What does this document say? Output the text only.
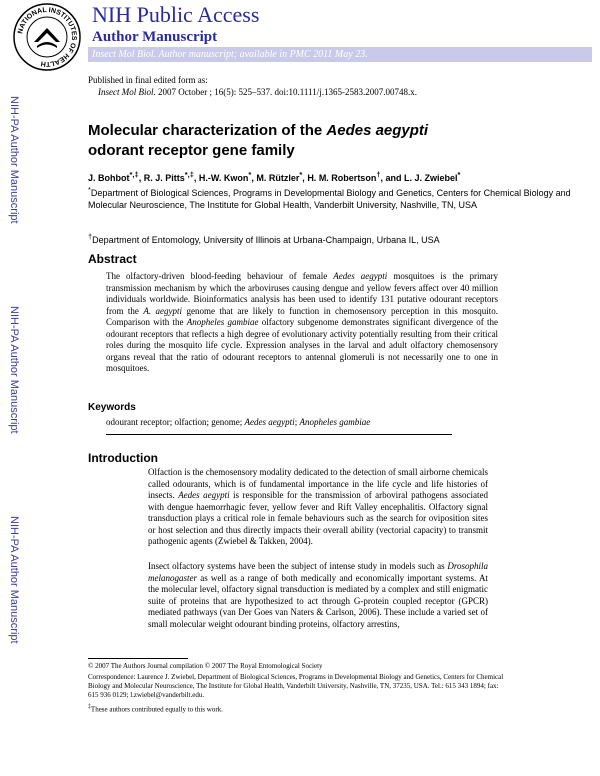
NATIONAL INSTITUTES OF HEALTH
NIH Public Access
Author Manuscript
Insect Mol Biol. Author manuscript; available in PMC 2011 May 23.
Published in final edited form as:
Insect Mol Biol. 2007 October ; 16(5): 525–537. doi:10.1111/j.1365-2583.2007.00748.x.
NIH-PA Author Manuscript
NIH-PA Author Manuscript
NIH-PA Author Manuscript
Molecular characterization of the Aedes aegypti odorant receptor gene family
J. Bohbot*,‡, R. J. Pitts*,‡, H.-W. Kwon*, M. Rützler*, H. M. Robertson†, and L. J. Zwiebel*
*Department of Biological Sciences, Programs in Developmental Biology and Genetics, Centers for Chemical Biology and Molecular Neuroscience, The Institute for Global Health, Vanderbilt University, Nashville, TN, USA
†Department of Entomology, University of Illinois at Urbana-Champaign, Urbana IL, USA
Abstract
The olfactory-driven blood-feeding behaviour of female Aedes aegypti mosquitoes is the primary transmission mechanism by which the arboviruses causing dengue and yellow fevers affect over 40 million individuals worldwide. Bioinformatics analysis has been used to identify 131 putative odourant receptors from the A. aegypti genome that are likely to function in chemosensory perception in this mosquito. Comparison with the Anopheles gambiae olfactory subgenome demonstrates significant divergence of the odourant receptors that reflects a high degree of evolutionary activity potentially resulting from their critical roles during the mosquito life cycle. Expression analyses in the larval and adult olfactory chemosensory organs reveal that the ratio of odourant receptors to antennal glomeruli is not necessarily one to one in mosquitoes.
Keywords
odourant receptor; olfaction; genome; Aedes aegypti; Anopheles gambiae
Introduction
Olfaction is the chemosensory modality dedicated to the detection of small airborne chemicals called odourants, which is of fundamental importance in the life cycle and life histories of insects. Aedes aegypti is responsible for the transmission of arboviral pathogens associated with dengue haemorrhagic fever, yellow fever and Rift Valley encephalitis. Olfactory signal transduction plays a critical role in female behaviours such as the search for oviposition sites or host selection and thus directly impacts their overall ability (vectorial capacity) to transmit pathogenic agents (Zwiebel & Takken, 2004).
Insect olfactory systems have been the subject of intense study in models such as Drosophila melanogaster as well as a range of both medically and economically important systems. At the molecular level, olfactory signal transduction is mediated by a complex and still enigmatic suite of proteins that are hypothesized to act through G-protein coupled receptor (GPCR) mediated pathways (van Der Goes van Naters & Carlson, 2006). These include a varied set of small molecular weight odourant binding proteins, olfactory arrestins,
© 2007 The Authors Journal compilation © 2007 The Royal Entomological Society
Correspondence: Laurence J. Zwiebel, Department of Biological Sciences, Programs in Developmental Biology and Genetics, Centers for Chemical Biology and Molecular Neuroscience, The Institute for Global Health, Vanderbilt University, Nashville, TN, 37235, USA. Tel.: 615 343 1894; fax: 615 936 0129; l.zwiebel@vanderbilt.edu.
‡These authors contributed equally to this work.
